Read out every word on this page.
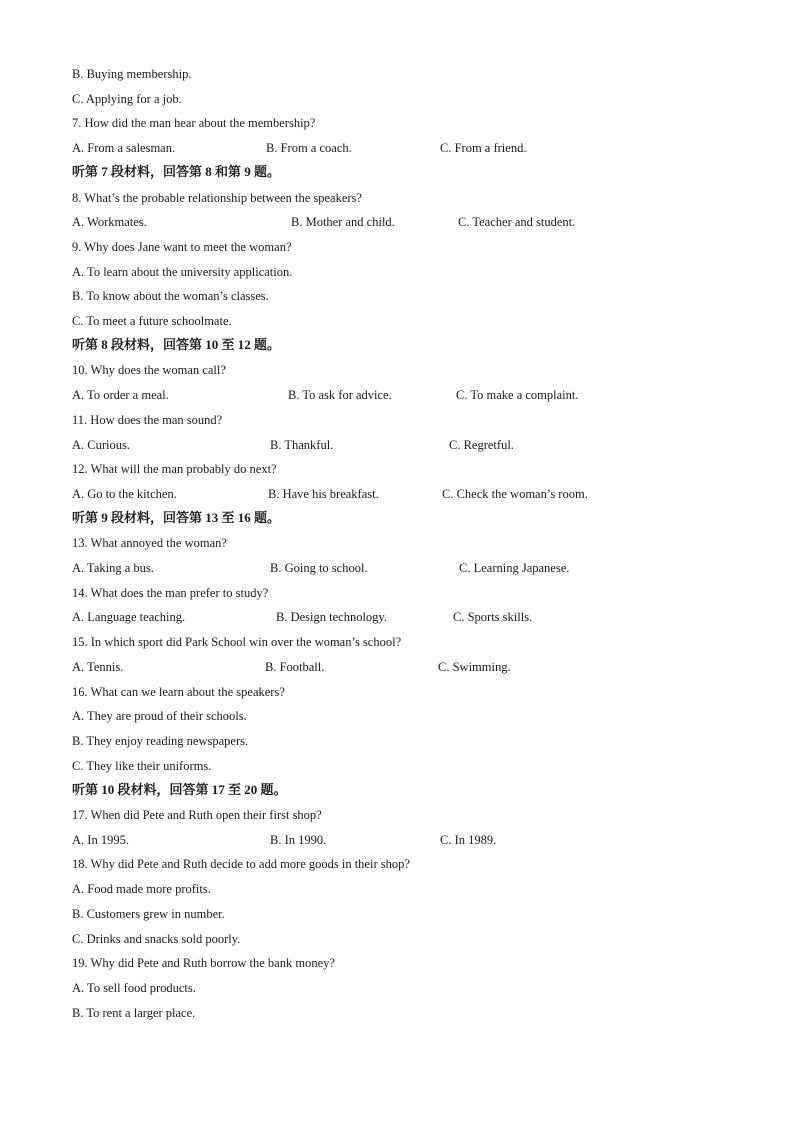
B. Buying membership.
C. Applying for a job.
7. How did the man hear about the membership?
A. From a salesman.	B. From a coach.	C. From a friend.
听第 7 段材料，回答第 8 和第 9 题。
8. What’s the probable relationship between the speakers?
A. Workmates.	B. Mother and child.	C. Teacher and student.
9. Why does Jane want to meet the woman?
A. To learn about the university application.
B. To know about the woman’s classes.
C. To meet a future schoolmate.
听第 8 段材料，回答第 10 至 12 题。
10. Why does the woman call?
A. To order a meal.	B. To ask for advice.	C. To make a complaint.
11. How does the man sound?
A. Curious.	B. Thankful.	C. Regretful.
12. What will the man probably do next?
A. Go to the kitchen.	B. Have his breakfast.	C. Check the woman’s room.
听第 9 段材料，回答第 13 至 16 题。
13. What annoyed the woman?
A. Taking a bus.	B. Going to school.	C. Learning Japanese.
14. What does the man prefer to study?
A. Language teaching.	B. Design technology.	C. Sports skills.
15. In which sport did Park School win over the woman’s school?
A. Tennis.	B. Football.	C. Swimming.
16. What can we learn about the speakers?
A. They are proud of their schools.
B. They enjoy reading newspapers.
C. They like their uniforms.
听第 10 段材料，回答第 17 至 20 题。
17. When did Pete and Ruth open their first shop?
A. In 1995.	B. In 1990.	C. In 1989.
18. Why did Pete and Ruth decide to add more goods in their shop?
A. Food made more profits.
B. Customers grew in number.
C. Drinks and snacks sold poorly.
19. Why did Pete and Ruth borrow the bank money?
A. To sell food products.
B. To rent a larger place.
